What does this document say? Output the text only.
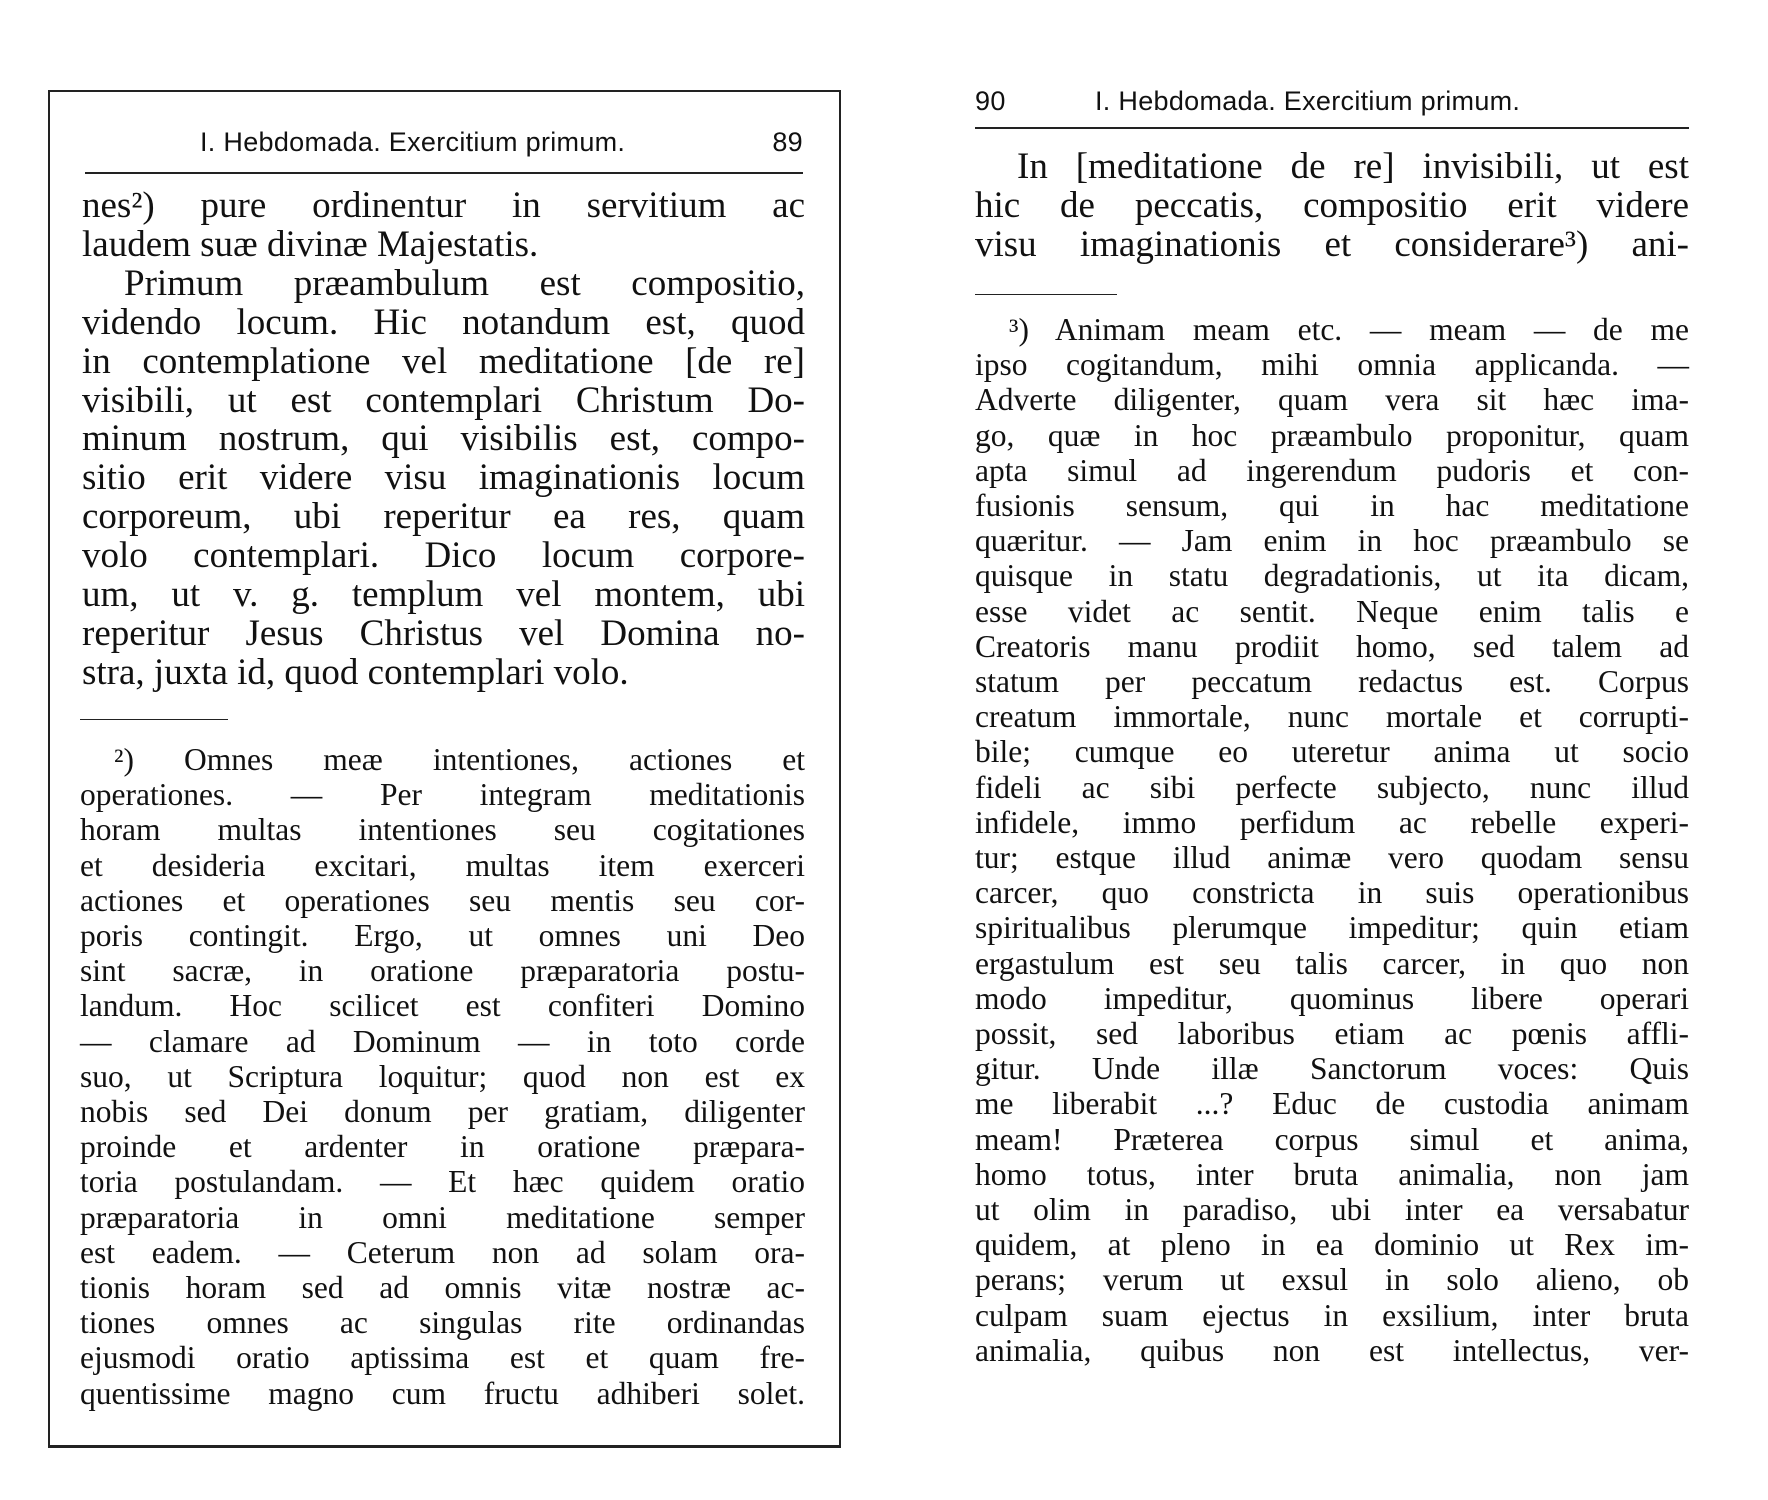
I. Hebdomada. Exercitium primum.	89
nes²) pure ordinentur in servitium ac
laudem suæ divinæ Majestatis.
Primum præambulum est compositio,
videndo locum. Hic notandum est, quod
in contemplatione vel meditatione [de re]
visibili, ut est contemplari Christum Do-
minum nostrum, qui visibilis est, compo-
sitio erit videre visu imaginationis locum
corporeum, ubi reperitur ea res, quam
volo contemplari. Dico locum corpore-
um, ut v. g. templum vel montem, ubi
reperitur Jesus Christus vel Domina no-
stra, juxta id, quod contemplari volo.
²) Omnes meæ intentiones, actiones et
operationes. — Per integram meditationis
horam multas intentiones seu cogitationes
et desideria excitari, multas item exerceri
actiones et operationes seu mentis seu cor-
poris contingit. Ergo, ut omnes uni Deo
sint sacræ, in oratione præparatoria postu-
landum. Hoc scilicet est confiteri Domino
— clamare ad Dominum — in toto corde
suo, ut Scriptura loquitur; quod non est ex
nobis sed Dei donum per gratiam, diligenter
proinde et ardenter in oratione præpara-
toria postulandam. — Et hæc quidem oratio
præparatoria in omni meditatione semper
est eadem. — Ceterum non ad solam ora-
tionis horam sed ad omnis vitæ nostræ ac-
tiones omnes ac singulas rite ordinandas
ejusmodi oratio aptissima est et quam fre-
quentissime magno cum fructu adhiberi solet.
90	I. Hebdomada. Exercitium primum.
In [meditatione de re] invisibili, ut est
hic de peccatis, compositio erit videre
visu imaginationis et considerare³) ani-
³) Animam meam etc. — meam — de me
ipso cogitandum, mihi omnia applicanda. —
Adverte diligenter, quam vera sit hæc ima-
go, quæ in hoc præambulo proponitur, quam
apta simul ad ingerendum pudoris et con-
fusionis sensum, qui in hac meditatione
quæritur. — Jam enim in hoc præambulo se
quisque in statu degradationis, ut ita dicam,
esse videt ac sentit. Neque enim talis e
Creatoris manu prodiit homo, sed talem ad
statum per peccatum redactus est. Corpus
creatum immortale, nunc mortale et corrupti-
bile; cumque eo uteretur anima ut socio
fideli ac sibi perfecte subjecto, nunc illud
infidele, immo perfidum ac rebelle experi-
tur; estque illud animæ vero quodam sensu
carcer, quo constricta in suis operationibus
spiritualibus plerumque impeditur; quin etiam
ergastulum est seu talis carcer, in quo non
modo impeditur, quominus libere operari
possit, sed laboribus etiam ac pœnis affli-
gitur. Unde illæ Sanctorum voces: Quis
me liberabit ...? Educ de custodia animam
meam! Præterea corpus simul et anima,
homo totus, inter bruta animalia, non jam
ut olim in paradiso, ubi inter ea versabatur
quidem, at pleno in ea dominio ut Rex im-
perans; verum ut exsul in solo alieno, ob
culpam suam ejectus in exsilium, inter bruta
animalia, quibus non est intellectus, ver-
